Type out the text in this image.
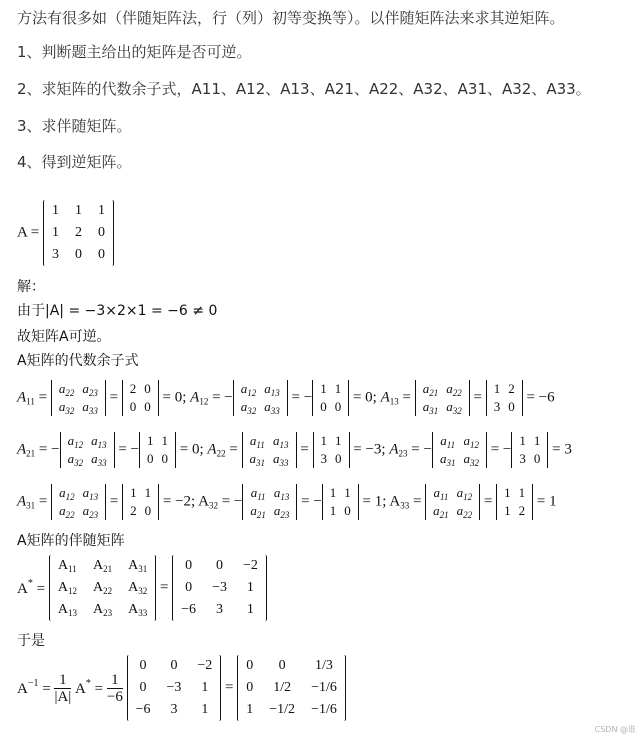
方法有很多如（伴随矩阵法，行（列）初等变换等）。以伴随矩阵法来求其逆矩阵。
1、判断题主给出的矩阵是否可逆。
2、求矩阵的代数余子式，A11、A12、A13、A21、A22、A32、A31、A32、A33。
3、求伴随矩阵。
4、得到逆矩阵。
A = 1	1	1
1	2	0
3	0	0
解：
由于|A| = −3×2×1 = −6 ≠ 0
故矩阵A可逆。
A矩阵的代数余子式
$A_{11}$ =
$a_{22}$	$a_{23}$
$a_{32}$	$a_{33}$
=
2	0
0	0
= 0; $A_{12}$ = −
$a_{12}$	$a_{13}$
$a_{32}$	$a_{33}$
= −
1	1
0	0
= 0; $A_{13}$ =
$a_{21}$	$a_{22}$
$a_{31}$	$a_{32}$
=
1	2
3	0
= −6
$A_{21}$ = −
$a_{12}$	$a_{13}$
$a_{32}$	$a_{33}$
= −
1	1
0	0
= 0; $A_{22}$ =
$a_{11}$	$a_{13}$
$a_{31}$	$a_{33}$
=
1	1
3	0
= −3; $A_{23}$ = −
$a_{11}$	$a_{12}$
$a_{31}$	$a_{32}$
= −
1	1
3	0
= 3
$A_{31}$ =
$a_{12}$	$a_{13}$
$a_{22}$	$a_{23}$
=
1	1
2	0
= −2; $A_{32}$ = −
$a_{11}$	$a_{13}$
$a_{21}$	$a_{23}$
= −
1	1
1	0
= 1; $A_{33}$ =
$a_{11}$	$a_{12}$
$a_{21}$	$a_{22}$
=
1	1
1	2
= 1
A矩阵的伴随矩阵
$A^* = A_{11}$	$A_{21}$	$A_{31}$
$A_{12}$	$A_{22}$	$A_{32}$
$A_{13}$	$A_{23}$	$A_{33} = 0$	0	−2
0	−3	1
−6	3	1
于是
$A^{-1} = \frac{1}{|A|} A^* = \frac{1}{-6}$
0	0	−2
0	−3	1
−6	3	1 = 0	0	1/3
0	1/2	−1/6
1	−1/2	−1/6
CSDN @谁
